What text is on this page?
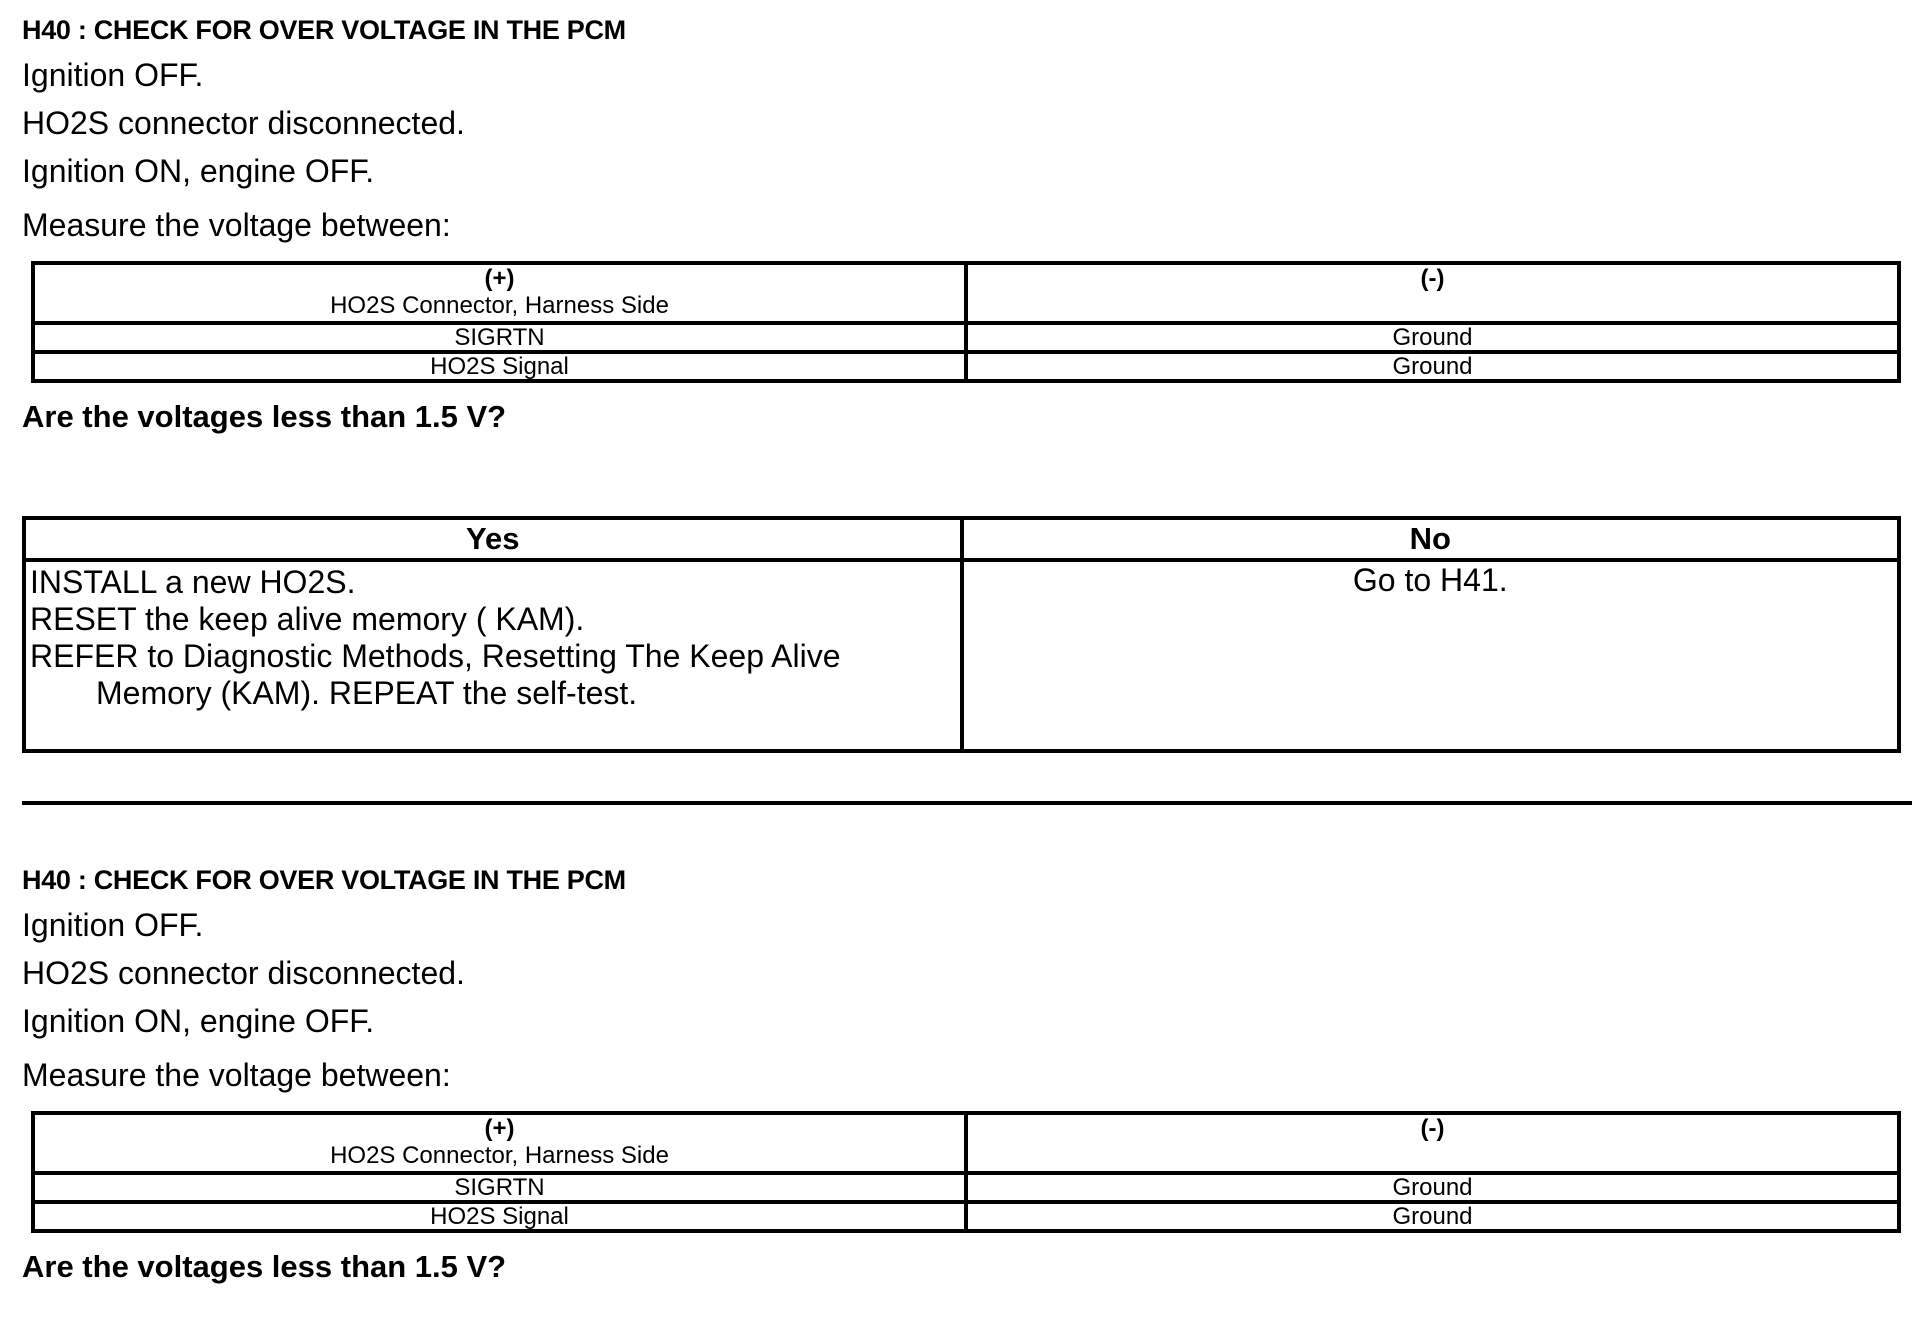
H40 : CHECK FOR OVER VOLTAGE IN THE PCM

Ignition OFF.

HO2S connector disconnected.

Ignition ON, engine OFF.

Measure the voltage between:

(+)
HO2S Connector, Harness Side	(-)

SIGRTN	Ground
HO2S Signal	Ground

Are the voltages less than 1.5 V?

Yes	No

INSTALL a new HO2S.
RESET the keep alive memory ( KAM).
REFER to Diagnostic Methods, Resetting The Keep Alive
Memory (KAM). REPEAT the self-test.	Go to H41.

H40 : CHECK FOR OVER VOLTAGE IN THE PCM

Ignition OFF.

HO2S connector disconnected.

Ignition ON, engine OFF.

Measure the voltage between:

(+)
HO2S Connector, Harness Side	(-)

SIGRTN	Ground
HO2S Signal	Ground

Are the voltages less than 1.5 V?
